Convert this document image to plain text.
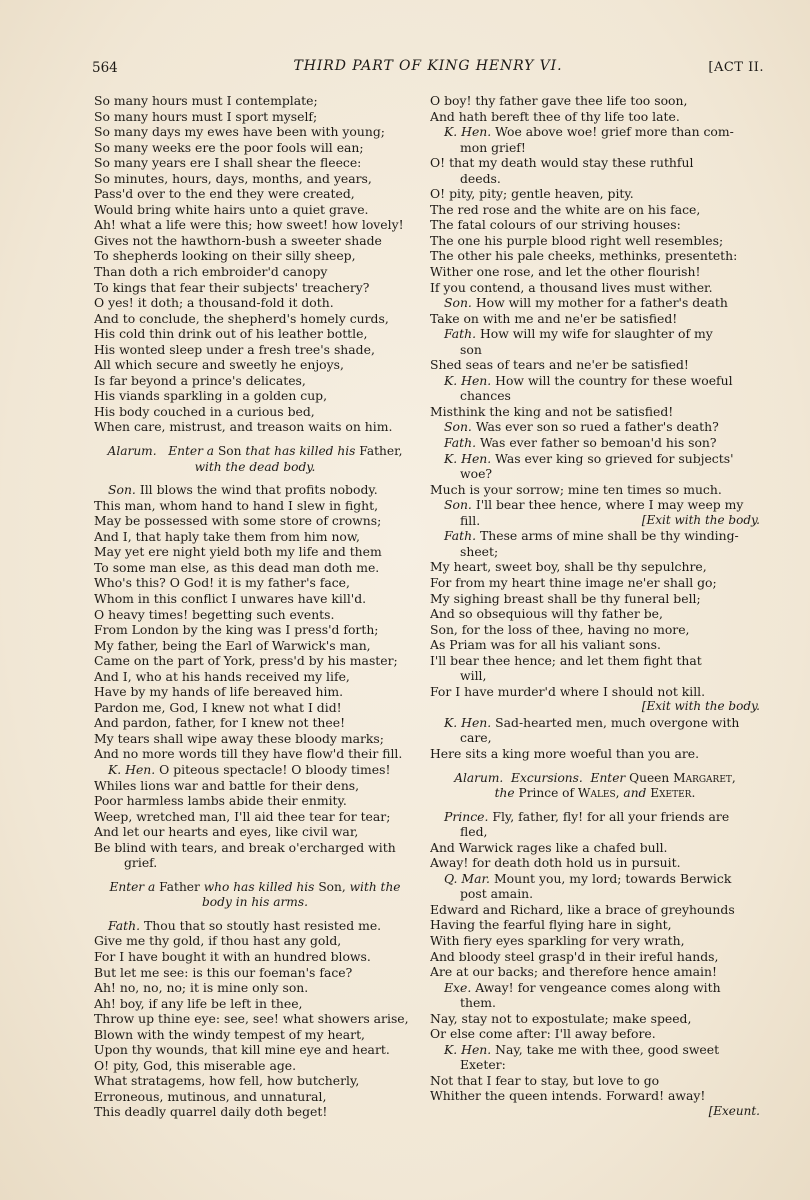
564	THIRD PART OF KING HENRY VI.	[ACT II.
So many hours must I contemplate;
So many hours must I sport myself;
So many days my ewes have been with young;
So many weeks ere the poor fools will ean;
So many years ere I shall shear the fleece:
So minutes, hours, days, months, and years,
Pass'd over to the end they were created,
Would bring white hairs unto a quiet grave.
Ah! what a life were this; how sweet! how lovely!
Gives not the hawthorn-bush a sweeter shade
To shepherds looking on their silly sheep,
Than doth a rich embroider'd canopy
To kings that fear their subjects' treachery?
O yes! it doth; a thousand-fold it doth.
And to conclude, the shepherd's homely curds,
His cold thin drink out of his leather bottle,
His wonted sleep under a fresh tree's shade,
All which secure and sweetly he enjoys,
Is far beyond a prince's delicates,
His viands sparkling in a golden cup,
His body couched in a curious bed,
When care, mistrust, and treason waits on him.
Alarum. Enter a Son that has killed his Father,
with the dead body.
Son. Ill blows the wind that profits nobody.
This man, whom hand to hand I slew in fight,
May be possessed with some store of crowns;
And I, that haply take them from him now,
May yet ere night yield both my life and them
To some man else, as this dead man doth me.
Who's this? O God! it is my father's face,
Whom in this conflict I unwares have kill'd.
O heavy times! begetting such events.
From London by the king was I press'd forth;
My father, being the Earl of Warwick's man,
Came on the part of York, press'd by his master;
And I, who at his hands received my life,
Have by my hands of life bereaved him.
Pardon me, God, I knew not what I did!
And pardon, father, for I knew not thee!
My tears shall wipe away these bloody marks;
And no more words till they have flow'd their fill.
K. Hen. O piteous spectacle! O bloody times!
Whiles lions war and battle for their dens,
Poor harmless lambs abide their enmity.
Weep, wretched man, I'll aid thee tear for tear;
And let our hearts and eyes, like civil war,
Be blind with tears, and break o'ercharged with
grief.
Enter a Father who has killed his Son, with the
body in his arms.
Fath. Thou that so stoutly hast resisted me.
Give me thy gold, if thou hast any gold,
For I have bought it with an hundred blows.
But let me see: is this our foeman's face?
Ah! no, no, no; it is mine only son.
Ah! boy, if any life be left in thee,
Throw up thine eye: see, see! what showers arise,
Blown with the windy tempest of my heart,
Upon thy wounds, that kill mine eye and heart.
O! pity, God, this miserable age.
What stratagems, how fell, how butcherly,
Erroneous, mutinous, and unnatural,
This deadly quarrel daily doth beget!
O boy! thy father gave thee life too soon,
And hath bereft thee of thy life too late.
K. Hen. Woe above woe! grief more than com-
mon grief!
O! that my death would stay these ruthful
deeds.
O! pity, pity; gentle heaven, pity.
The red rose and the white are on his face,
The fatal colours of our striving houses:
The one his purple blood right well resembles;
The other his pale cheeks, methinks, presenteth:
Wither one rose, and let the other flourish!
If you contend, a thousand lives must wither.
Son. How will my mother for a father's death
Take on with me and ne'er be satisfied!
Fath. How will my wife for slaughter of my
son
Shed seas of tears and ne'er be satisfied!
K. Hen. How will the country for these woeful
chances
Misthink the king and not be satisfied!
Son. Was ever son so rued a father's death?
Fath. Was ever father so bemoan'd his son?
K. Hen. Was ever king so grieved for subjects'
woe?
Much is your sorrow; mine ten times so much.
Son. I'll bear thee hence, where I may weep my
fill.	[Exit with the body.
Fath. These arms of mine shall be thy winding-
sheet;
My heart, sweet boy, shall be thy sepulchre,
For from my heart thine image ne'er shall go;
My sighing breast shall be thy funeral bell;
And so obsequious will thy father be,
Son, for the loss of thee, having no more,
As Priam was for all his valiant sons.
I'll bear thee hence; and let them fight that
will,
For I have murder'd where I should not kill.
[Exit with the body.
K. Hen. Sad-hearted men, much overgone with
care,
Here sits a king more woeful than you are.
Alarum. Excursions. Enter Queen Margaret,
the Prince of Wales, and Exeter.
Prince. Fly, father, fly! for all your friends are
fled,
And Warwick rages like a chafed bull.
Away! for death doth hold us in pursuit.
Q. Mar. Mount you, my lord; towards Berwick
post amain.
Edward and Richard, like a brace of greyhounds
Having the fearful flying hare in sight,
With fiery eyes sparkling for very wrath,
And bloody steel grasp'd in their ireful hands,
Are at our backs; and therefore hence amain!
Exe. Away! for vengeance comes along with
them.
Nay, stay not to expostulate; make speed,
Or else come after: I'll away before.
K. Hen. Nay, take me with thee, good sweet
Exeter:
Not that I fear to stay, but love to go
Whither the queen intends. Forward! away!
[Exeunt.
